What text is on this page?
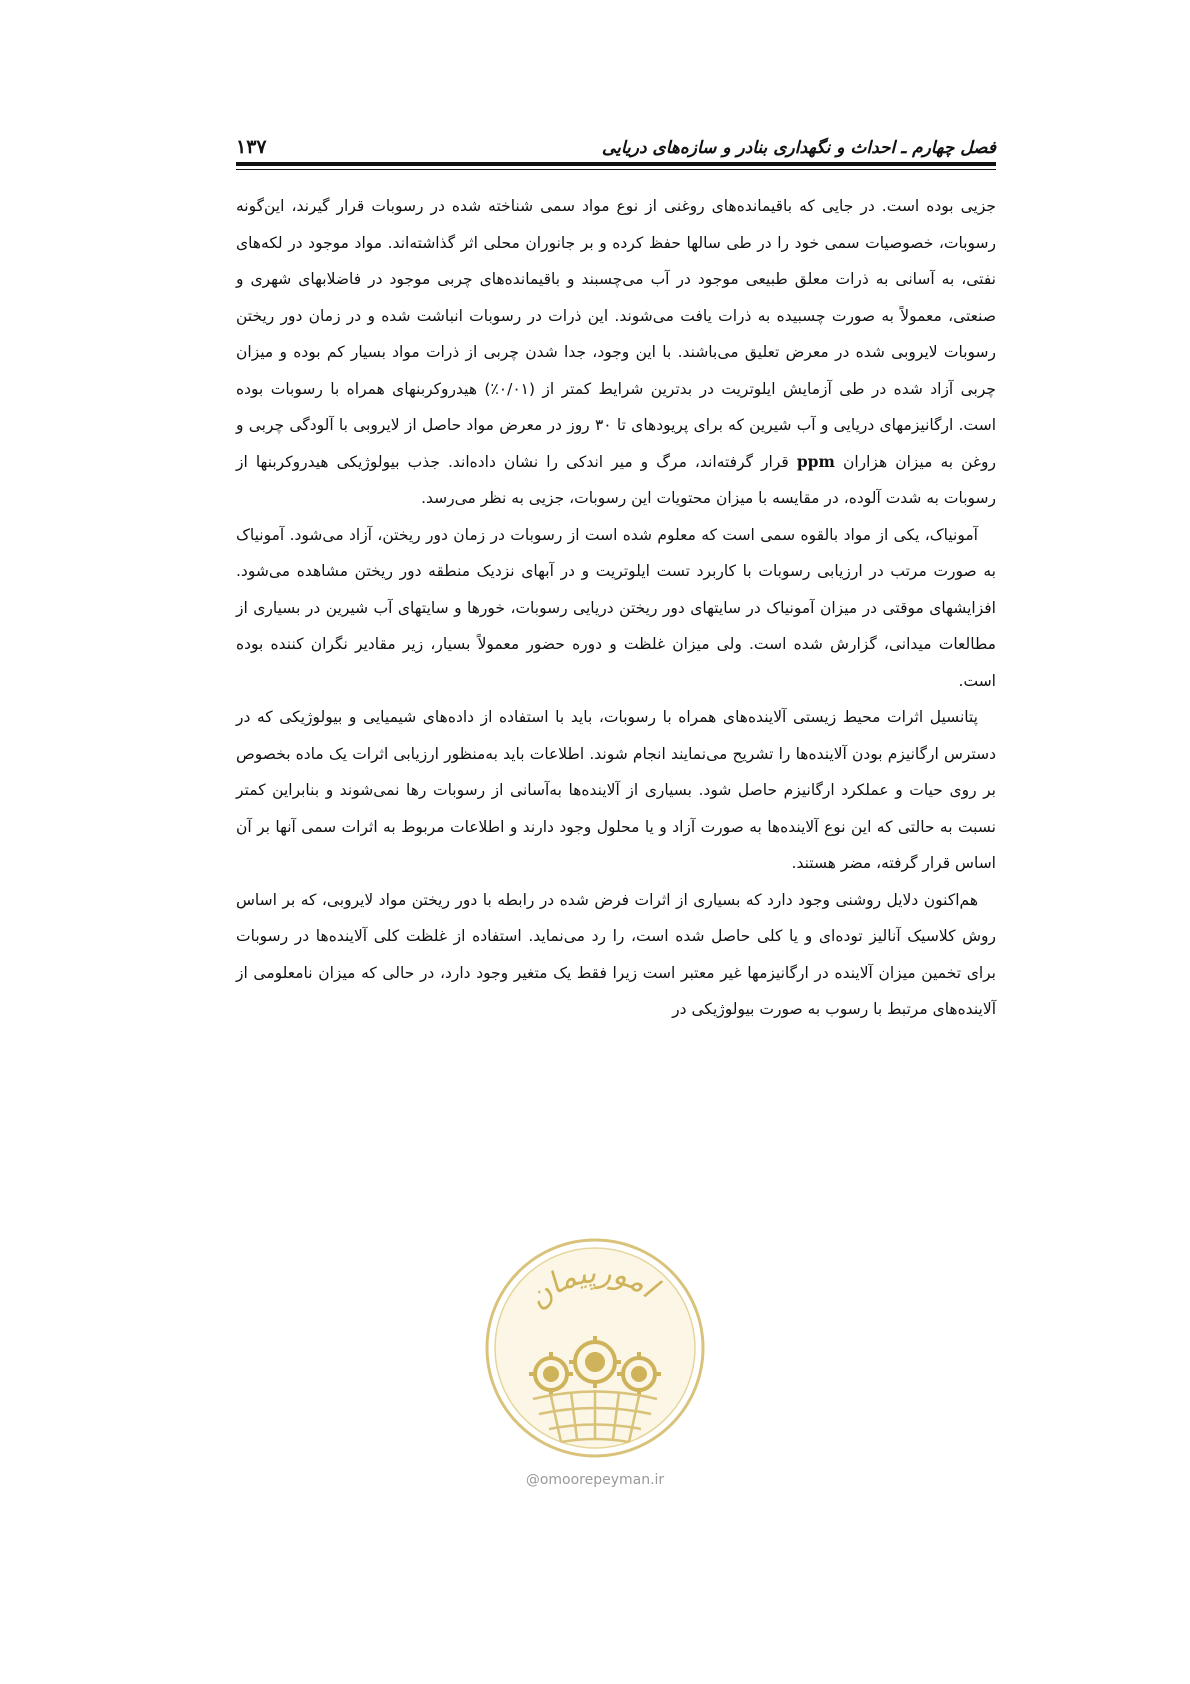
فصل چهارم ـ احداث و نگهداری بنادر و سازه‌های دریایی
۱۳۷

جزیی بوده است. در جایی که باقیمانده‌های روغنی از نوع مواد سمی شناخته شده در رسوبات قرار گیرند، این‌گونه رسوبات، خصوصیات سمی خود را در طی سالها حفظ کرده و بر جانوران محلی اثر گذاشته‌اند. مواد موجود در لکه‌های نفتی، به آسانی به ذرات معلق طبیعی موجود در آب می‌چسبند و باقیمانده‌های چربی موجود در فاضلابهای شهری و صنعتی، معمولاً به صورت چسبیده به ذرات یافت می‌شوند. این ذرات در رسوبات انباشت شده و در زمان دور ریختن رسوبات لایروبی شده در معرض تعلیق می‌باشند. با این وجود، جدا شدن چربی از ذرات مواد بسیار کم بوده و میزان چربی آزاد شده در طی آزمایش ایلوتریت در بدترین شرایط کمتر از (۰/۰۱٪) هیدروکربنهای همراه با رسوبات بوده است. ارگانیزمهای دریایی و آب شیرین که برای پریودهای تا ۳۰ روز در معرض مواد حاصل از لایروبی با آلودگی چربی و روغن به میزان هزاران ppm قرار گرفته‌اند، مرگ و میر اندکی را نشان داده‌اند. جذب بیولوژیکی هیدروکربنها از رسوبات به شدت آلوده، در مقایسه با میزان محتویات این رسوبات، جزیی به نظر می‌رسد.

آمونیاک، یکی از مواد بالقوه سمی است که معلوم شده است از رسوبات در زمان دور ریختن، آزاد می‌شود. آمونیاک به صورت مرتب در ارزیابی رسوبات با کاربرد تست ایلوتریت و در آبهای نزدیک منطقه دور ریختن مشاهده می‌شود. افزایشهای موقتی در میزان آمونیاک در سایتهای دور ریختن دریایی رسوبات، خورها و سایتهای آب شیرین در بسیاری از مطالعات میدانی، گزارش شده است. ولی میزان غلظت و دوره حضور معمولاً بسیار، زیر مقادیر نگران کننده بوده است.

پتانسیل اثرات محیط زیستی آلاینده‌های همراه با رسوبات، باید با استفاده از داده‌های شیمیایی و بیولوژیکی که در دسترس ارگانیزم بودن آلاینده‌ها را تشریح می‌نمایند انجام شوند. اطلاعات باید به‌منظور ارزیابی اثرات یک ماده بخصوص بر روی حیات و عملکرد ارگانیزم حاصل شود. بسیاری از آلاینده‌ها به‌آسانی از رسوبات رها نمی‌شوند و بنابراین کمتر نسبت به حالتی که این نوع آلاینده‌ها به صورت آزاد و یا محلول وجود دارند و اطلاعات مربوط به اثرات سمی آنها بر آن اساس قرار گرفته، مضر هستند.

هم‌اکنون دلایل روشنی وجود دارد که بسیاری از اثرات فرض شده در رابطه با دور ریختن مواد لایروبی، که بر اساس روش کلاسیک آنالیز توده‌ای و یا کلی حاصل شده است، را رد می‌نماید. استفاده از غلظت کلی آلاینده‌ها در رسوبات برای تخمین میزان آلاینده در ارگانیزمها غیر معتبر است زیرا فقط یک متغیر وجود دارد، در حالی که میزان نامعلومی از آلاینده‌های مرتبط با رسوب به صورت بیولوژیکی در

امورپیمان
@omoorepeyman.ir
